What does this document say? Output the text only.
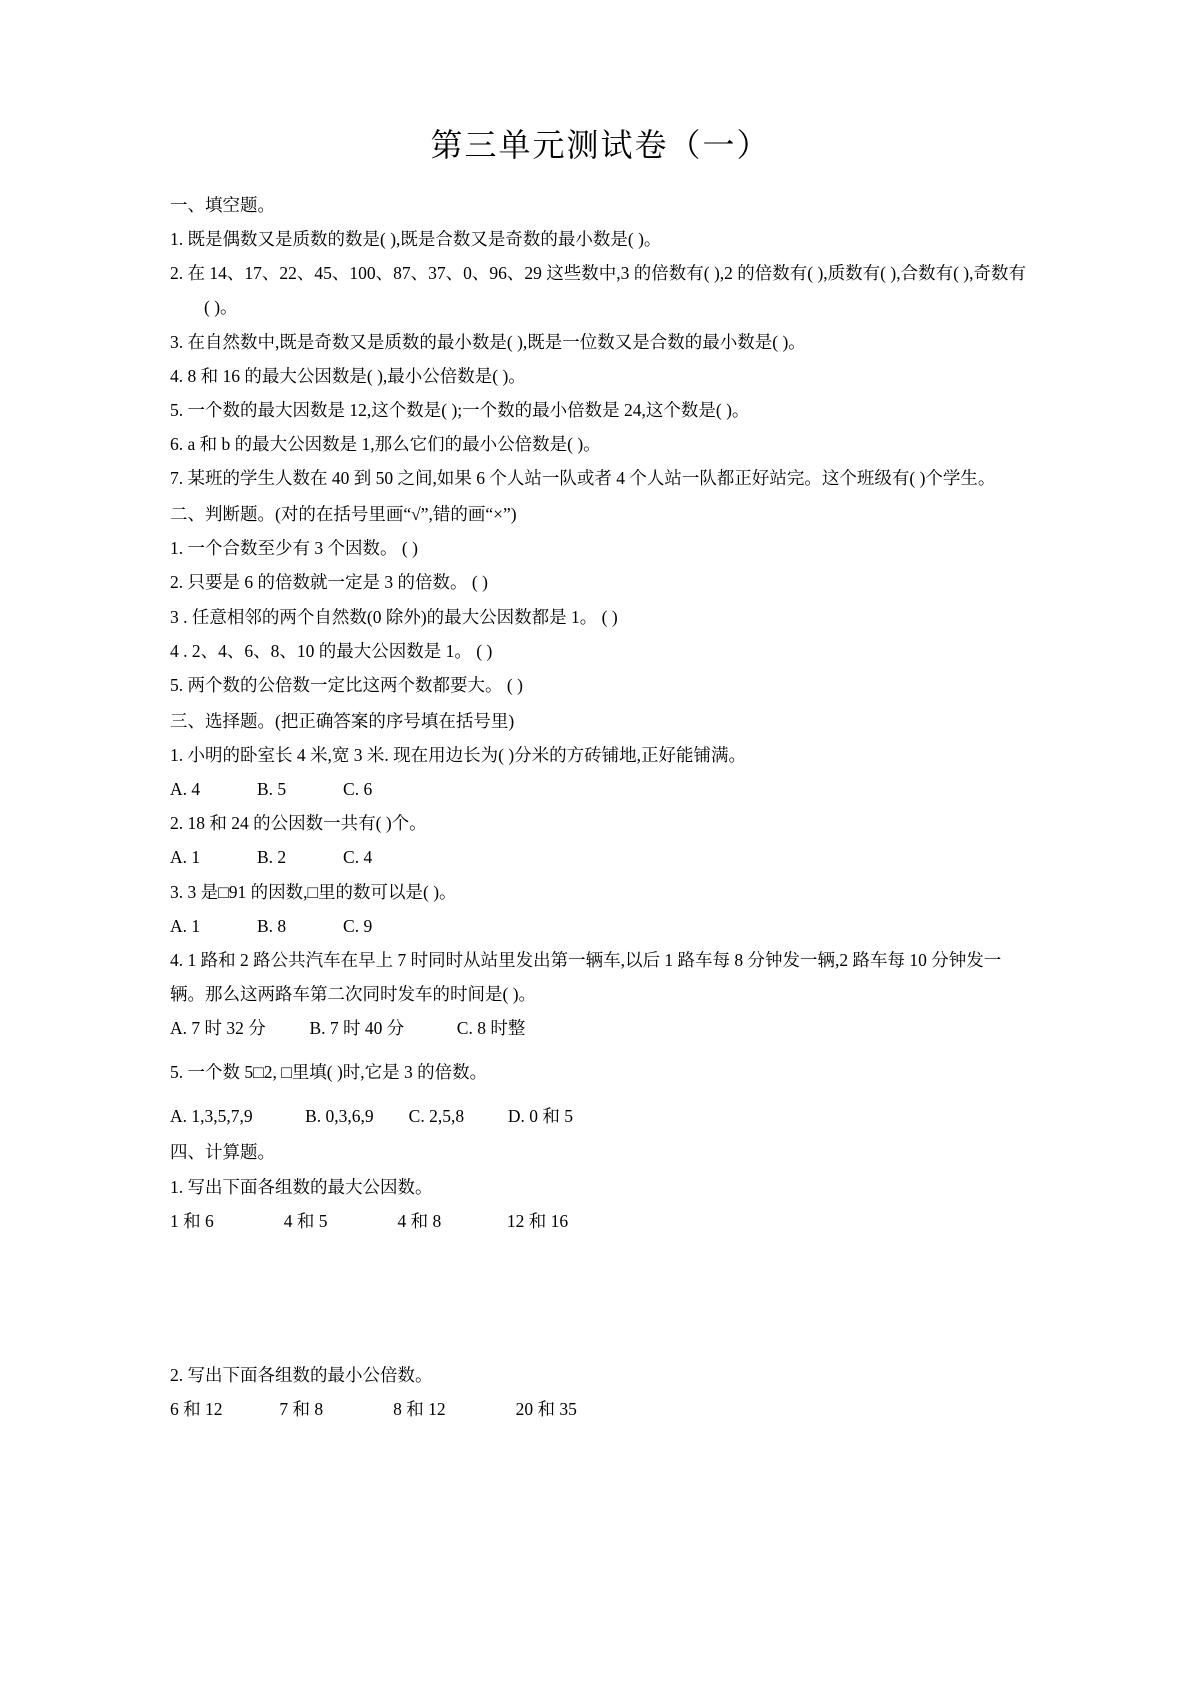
第三单元测试卷（一）
一、填空题。

1. 既是偶数又是质数的数是( ),既是合数又是奇数的最小数是( )。

2. 在 14、17、22、45、100、87、37、0、96、29 这些数中,3 的倍数有( ),2 的倍数有( ),质数有( ),合数有( ),奇数有( )。

3. 在自然数中,既是奇数又是质数的最小数是( ),既是一位数又是合数的最小数是( )。

4. 8 和 16 的最大公因数是( ),最小公倍数是( )。

5. 一个数的最大因数是 12,这个数是( );一个数的最小倍数是 24,这个数是( )。

6. a 和 b 的最大公因数是 1,那么它们的最小公倍数是( )。

7. 某班的学生人数在 40 到 50 之间,如果 6 个人站一队或者 4 个人站一队都正好站完。这个班级有( )个学生。

二、判断题。(对的在括号里画“√”,错的画“×”)

1. 一个合数至少有 3 个因数。 ( )

2. 只要是 6 的倍数就一定是 3 的倍数。 ( )

3 . 任意相邻的两个自然数(0 除外)的最大公因数都是 1。 ( )

4 . 2、4、6、8、10 的最大公因数是 1。 ( )

5. 两个数的公倍数一定比这两个数都要大。 ( )

三、选择题。(把正确答案的序号填在括号里)

1. 小明的卧室长 4 米,宽 3 米. 现在用边长为( )分米的方砖铺地,正好能铺满。

A. 4             B. 5             C. 6

2. 18 和 24 的公因数一共有( )个。

A. 1             B. 2             C. 4

3. 3 是□91 的因数,□里的数可以是( )。

A. 1             B. 8             C. 9

4. 1 路和 2 路公共汽车在早上 7 时同时从站里发出第一辆车,以后 1 路车每 8 分钟发一辆,2 路车每 10 分钟发一辆。那么这两路车第二次同时发车的时间是( )。

A. 7 时 32 分          B. 7 时 40 分            C. 8 时整

5. 一个数 5□2, □里填( )时,它是 3 的倍数。

A. 1,3,5,7,9            B. 0,3,6,9        C. 2,5,8          D. 0 和 5

四、计算题。

1. 写出下面各组数的最大公因数。

1 和 6                4 和 5                4 和 8               12 和 16

2. 写出下面各组数的最小公倍数。

6 和 12             7 和 8                8 和 12                20 和 35
